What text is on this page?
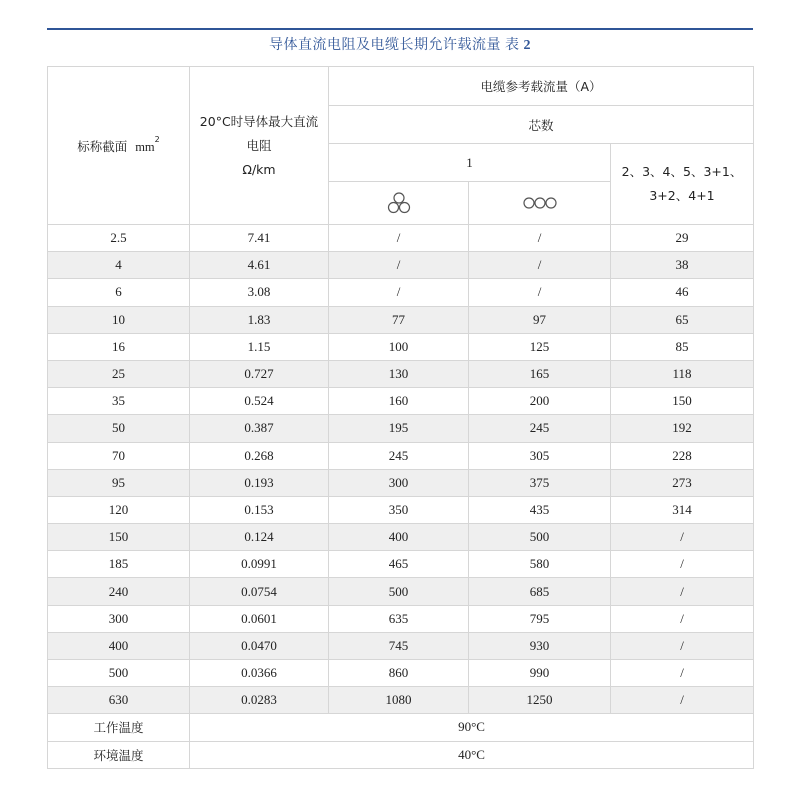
导体直流电阻及电缆长期允许载流量 表 2
标称截面 $mm^2$	20°C时导体最大直流
电阻
Ω/km	电缆参考载流量（A）		
		芯数		
		1		2、3、4、5、3+1、
3+2、4+1

2.5	7.41	/	/	29
4	4.61	/	/	38
6	3.08	/	/	46
10	1.83	77	97	65
16	1.15	100	125	85
25	0.727	130	165	118
35	0.524	160	200	150
50	0.387	195	245	192
70	0.268	245	305	228
95	0.193	300	375	273
120	0.153	350	435	314
150	0.124	400	500	/
185	0.0991	465	580	/
240	0.0754	500	685	/
300	0.0601	635	795	/
400	0.0470	745	930	/
500	0.0366	860	990	/
630	0.0283	1080	1250	/
工作温度	90°C			
环境温度	40°C			
